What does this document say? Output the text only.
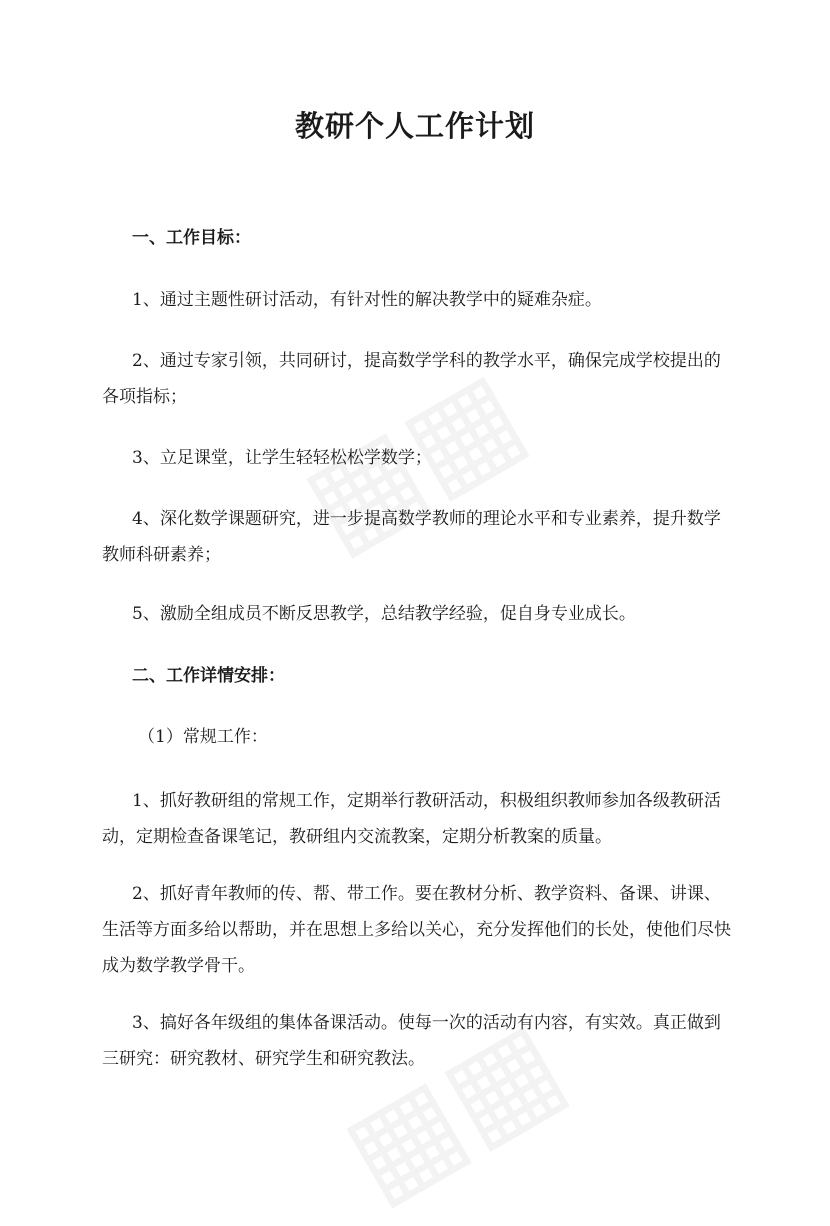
教研个人工作计划

一、工作目标：

1、通过主题性研讨活动，有针对性的解决教学中的疑难杂症。

2、通过专家引领，共同研讨，提高数学学科的教学水平，确保完成学校提出的各项指标；

3、立足课堂，让学生轻轻松松学数学；

4、深化数学课题研究，进一步提高数学教师的理论水平和专业素养，提升数学教师科研素养；

5、激励全组成员不断反思教学，总结教学经验，促自身专业成长。

二、工作详情安排：

（1）常规工作：

1、抓好教研组的常规工作，定期举行教研活动，积极组织教师参加各级教研活动，定期检查备课笔记，教研组内交流教案，定期分析教案的质量。

2、抓好青年教师的传、帮、带工作。要在教材分析、教学资料、备课、讲课、生活等方面多给以帮助，并在思想上多给以关心，充分发挥他们的长处，使他们尽快成为数学教学骨干。

3、搞好各年级组的集体备课活动。使每一次的活动有内容，有实效。真正做到三研究：研究教材、研究学生和研究教法。
